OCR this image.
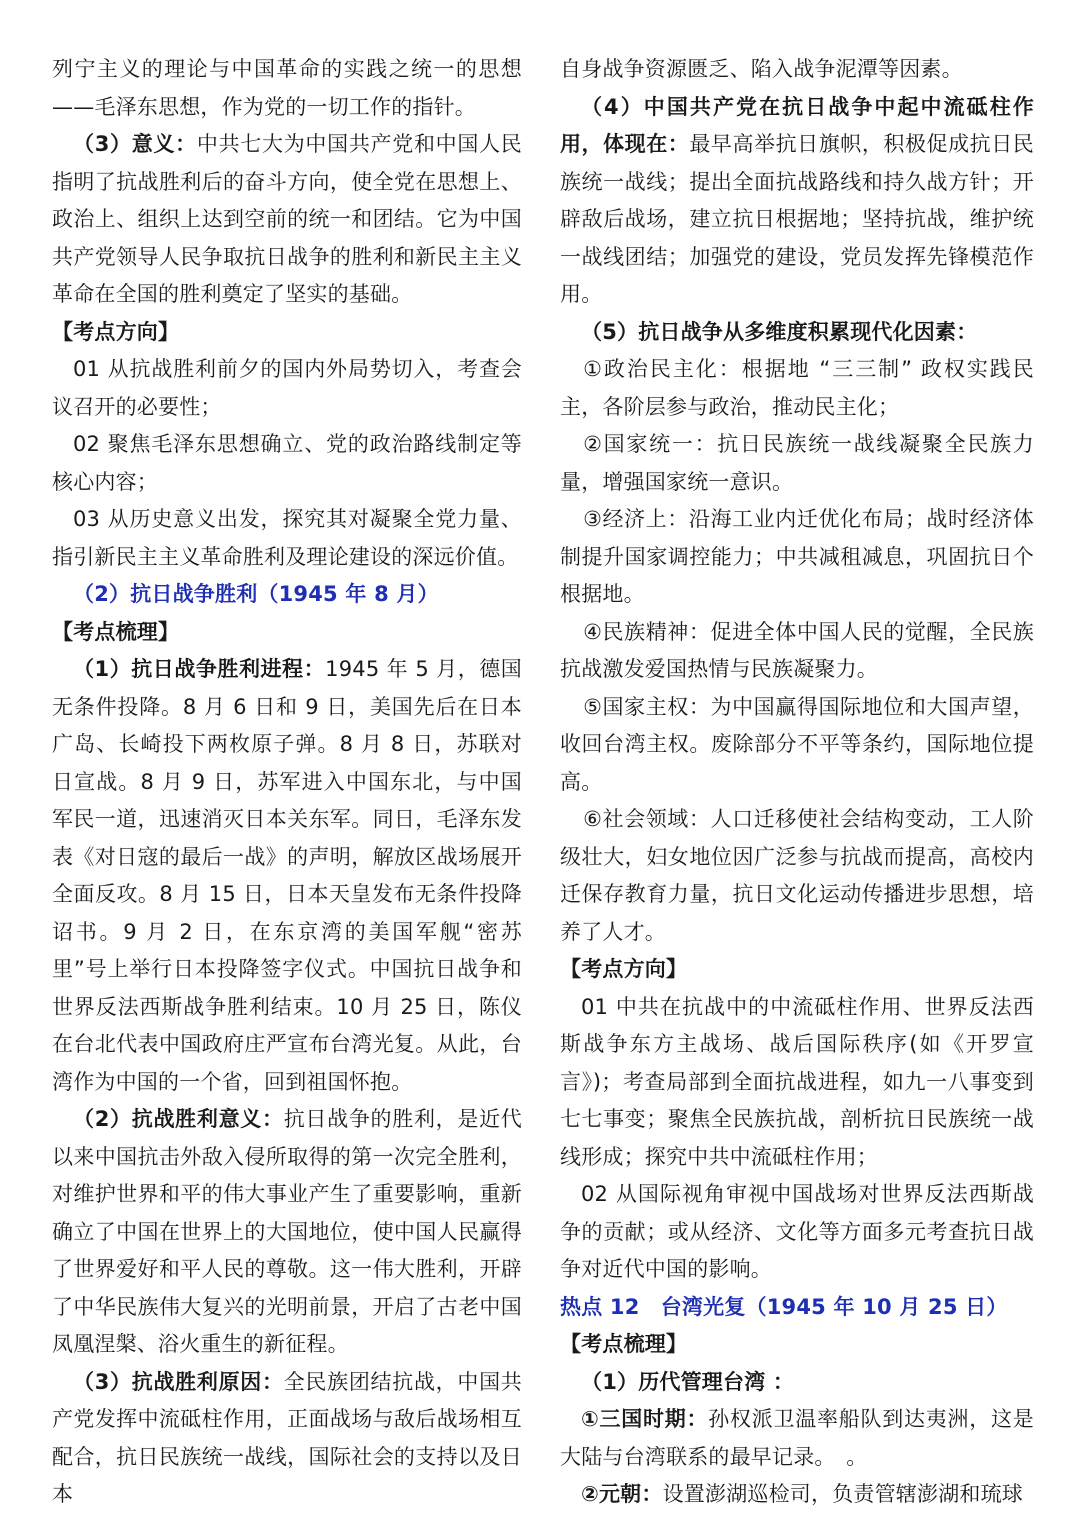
列宁主义的理论与中国革命的实践之统一的思想——毛泽东思想，作为党的一切工作的指针。

（3）意义：中共七大为中国共产党和中国人民指明了抗战胜利后的奋斗方向，使全党在思想上、政治上、组织上达到空前的统一和团结。它为中国共产党领导人民争取抗日战争的胜利和新民主主义革命在全国的胜利奠定了坚实的基础。

【考点方向】

01 从抗战胜利前夕的国内外局势切入，考查会议召开的必要性；

02 聚焦毛泽东思想确立、党的政治路线制定等核心内容；

03 从历史意义出发，探究其对凝聚全党力量、指引新民主主义革命胜利及理论建设的深远价值。

（2）抗日战争胜利（1945 年 8 月）

【考点梳理】

（1）抗日战争胜利进程：1945 年 5 月，德国无条件投降。8 月 6 日和 9 日，美国先后在日本广岛、长崎投下两枚原子弹。8 月 8 日，苏联对日宣战。8 月 9 日，苏军进入中国东北，与中国军民一道，迅速消灭日本关东军。同日，毛泽东发表《对日寇的最后一战》的声明，解放区战场展开全面反攻。8 月 15 日，日本天皇发布无条件投降诏书。9 月 2 日，在东京湾的美国军舰“密苏里”号上举行日本投降签字仪式。中国抗日战争和世界反法西斯战争胜利结束。10 月 25 日，陈仪在台北代表中国政府庄严宣布台湾光复。从此，台湾作为中国的一个省，回到祖国怀抱。

（2）抗战胜利意义：抗日战争的胜利，是近代以来中国抗击外敌入侵所取得的第一次完全胜利，对维护世界和平的伟大事业产生了重要影响，重新确立了中国在世界上的大国地位，使中国人民赢得了世界爱好和平人民的尊敬。这一伟大胜利，开辟了中华民族伟大复兴的光明前景，开启了古老中国凤凰涅槃、浴火重生的新征程。

（3）抗战胜利原因：全民族团结抗战，中国共产党发挥中流砥柱作用，正面战场与敌后战场相互配合，抗日民族统一战线，国际社会的支持以及日本

自身战争资源匮乏、陷入战争泥潭等因素。

（4）中国共产党在抗日战争中起中流砥柱作用，体现在：最早高举抗日旗帜，积极促成抗日民族统一战线；提出全面抗战路线和持久战方针；开辟敌后战场，建立抗日根据地；坚持抗战，维护统一战线团结；加强党的建设，党员发挥先锋模范作用。

（5）抗日战争从多维度积累现代化因素：

①政治民主化：根据地 “三三制” 政权实践民主，各阶层参与政治，推动民主化；

②国家统一：抗日民族统一战线凝聚全民族力量，增强国家统一意识。

③经济上：沿海工业内迁优化布局；战时经济体制提升国家调控能力；中共减租减息，巩固抗日个根据地。

④民族精神：促进全体中国人民的觉醒，全民族抗战激发爱国热情与民族凝聚力。

⑤国家主权：为中国赢得国际地位和大国声望，收回台湾主权。废除部分不平等条约，国际地位提高。

⑥社会领域：人口迁移使社会结构变动，工人阶级壮大，妇女地位因广泛参与抗战而提高，高校内迁保存教育力量，抗日文化运动传播进步思想，培养了人才。

【考点方向】

01 中共在抗战中的中流砥柱作用、世界反法西斯战争东方主战场、战后国际秩序(如《开罗宣言》)；考查局部到全面抗战进程，如九一八事变到七七事变；聚焦全民族抗战，剖析抗日民族统一战线形成；探究中共中流砥柱作用；

02 从国际视角审视中国战场对世界反法西斯战争的贡献；或从经济、文化等方面多元考查抗日战争对近代中国的影响。

热点 12　台湾光复（1945 年 10 月 25 日）

【考点梳理】

（1）历代管理台湾 ：

①三国时期：孙权派卫温率船队到达夷洲，这是大陆与台湾联系的最早记录。　。

②元朝：设置澎湖巡检司，负责管辖澎湖和琉球
